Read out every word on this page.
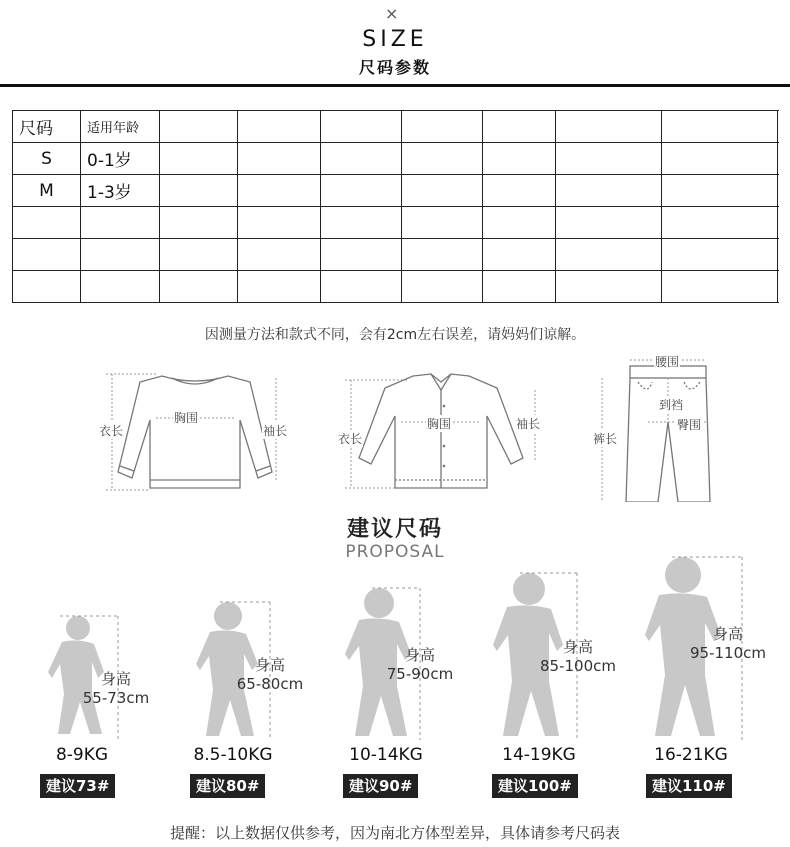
×
SIZE
尺码参数
尺码	适用年龄							
S	0-1岁							
M	1-3岁							

因测量方法和款式不同，会有2cm左右误差，请妈妈们谅解。
衣长
胸围
袖长
衣长
胸围	袖长
腰围
到裆
臀围
裤长
建议尺码
PROPOSAL
身高
55-73cm
身高
65-80cm
身高
75-90cm
身高
85-100cm
身高
95-110cm
8-9KG	8.5-10KG	10-14KG	14-19KG	16-21KG
建议73#	建议80#	建议90#	建议100#	建议110#
提醒：以上数据仅供参考，因为南北方体型差异，具体请参考尺码表
